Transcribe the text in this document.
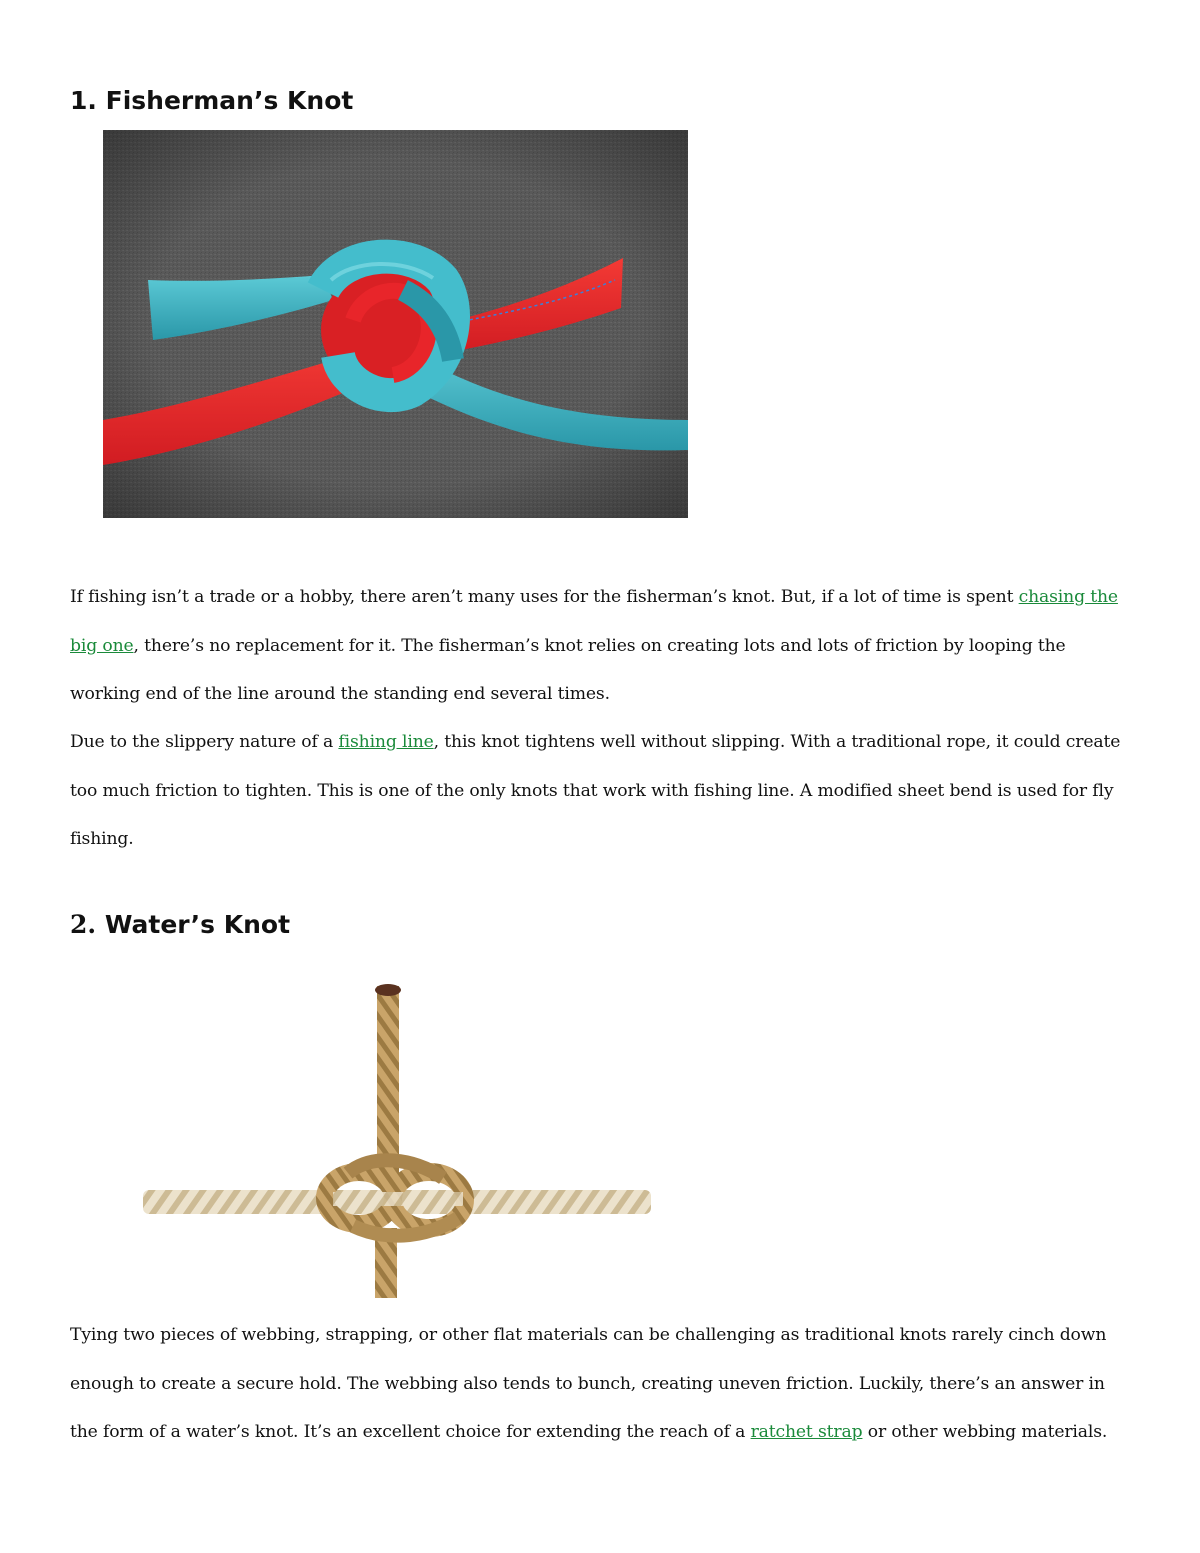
1. Fisherman’s Knot

If fishing isn’t a trade or a hobby, there aren’t many uses for the fisherman’s knot. But, if a lot of time is spent chasing the big one, there’s no replacement for it. The fisherman’s knot relies on creating lots and lots of friction by looping the working end of the line around the standing end several times.

Due to the slippery nature of a fishing line, this knot tightens well without slipping. With a traditional rope, it could create too much friction to tighten. This is one of the only knots that work with fishing line. A modified sheet bend is used for fly fishing.

2. Water’s Knot

Tying two pieces of webbing, strapping, or other flat materials can be challenging as traditional knots rarely cinch down enough to create a secure hold. The webbing also tends to bunch, creating uneven friction. Luckily, there’s an answer in the form of a water’s knot. It’s an excellent choice for extending the reach of a ratchet strap or other webbing materials.
